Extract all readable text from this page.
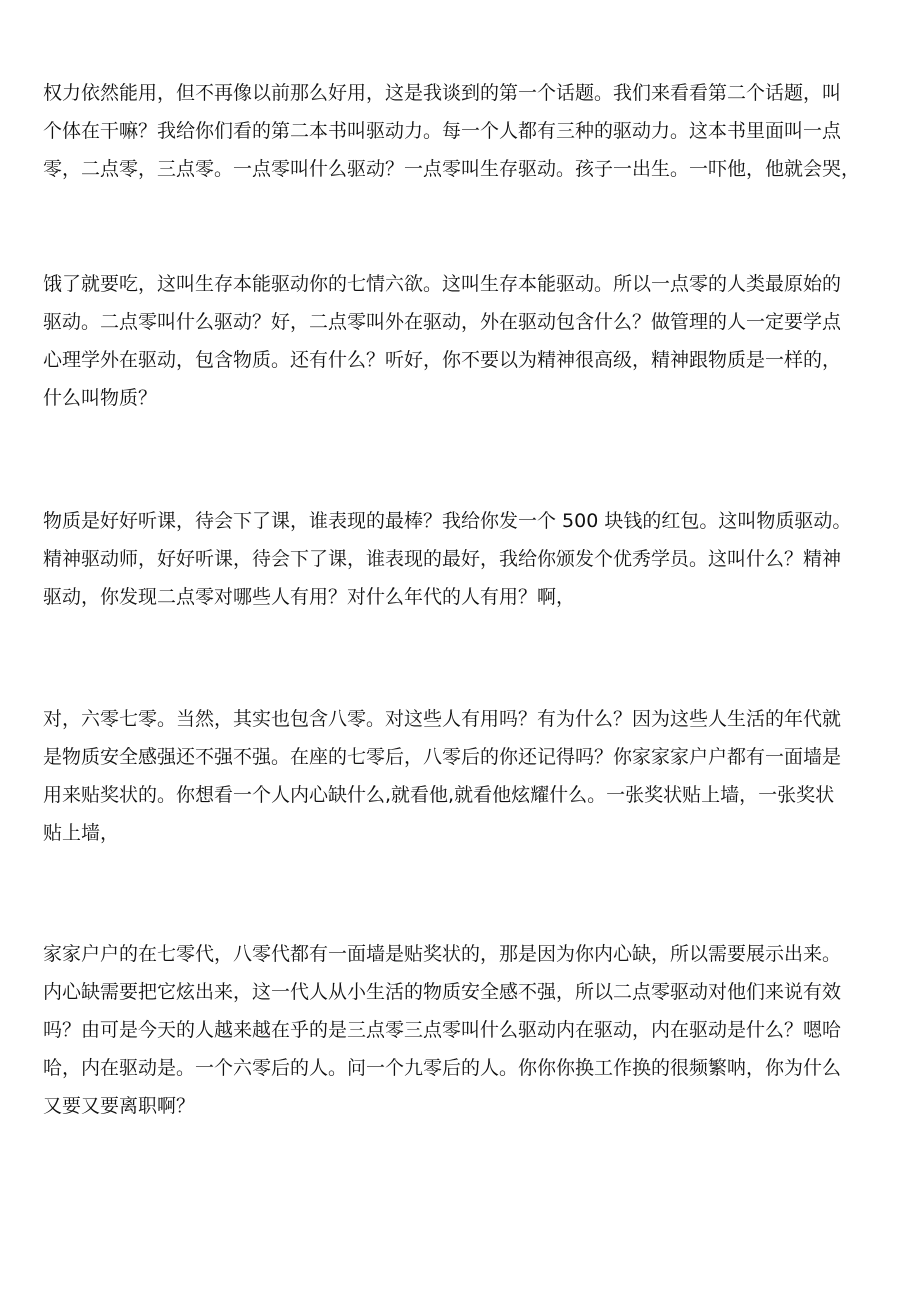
权力依然能用，但不再像以前那么好用，这是我谈到的第一个话题。我们来看看第二个话题，叫
个体在干嘛？我给你们看的第二本书叫驱动力。每一个人都有三种的驱动力。这本书里面叫一点
零，二点零，三点零。一点零叫什么驱动？一点零叫生存驱动。孩子一出生。一吓他，他就会哭，
饿了就要吃，这叫生存本能驱动你的七情六欲。这叫生存本能驱动。所以一点零的人类最原始的
驱动。二点零叫什么驱动？好，二点零叫外在驱动，外在驱动包含什么？做管理的人一定要学点
心理学外在驱动，包含物质。还有什么？听好，你不要以为精神很高级，精神跟物质是一样的，
什么叫物质？
物质是好好听课，待会下了课，谁表现的最棒？我给你发一个 500 块钱的红包。这叫物质驱动。
精神驱动师，好好听课，待会下了课，谁表现的最好，我给你颁发个优秀学员。这叫什么？精神
驱动，你发现二点零对哪些人有用？对什么年代的人有用？啊，
对，六零七零。当然，其实也包含八零。对这些人有用吗？有为什么？因为这些人生活的年代就
是物质安全感强还不强不强。在座的七零后，八零后的你还记得吗？你家家家户户都有一面墙是
用来贴奖状的。你想看一个人内心缺什么,就看他,就看他炫耀什么。一张奖状贴上墙，一张奖状
贴上墙，
家家户户的在七零代，八零代都有一面墙是贴奖状的，那是因为你内心缺，所以需要展示出来。
内心缺需要把它炫出来，这一代人从小生活的物质安全感不强，所以二点零驱动对他们来说有效
吗？由可是今天的人越来越在乎的是三点零三点零叫什么驱动内在驱动，内在驱动是什么？嗯哈
哈，内在驱动是。一个六零后的人。问一个九零后的人。你你你换工作换的很频繁呐，你为什么
又要又要离职啊？
